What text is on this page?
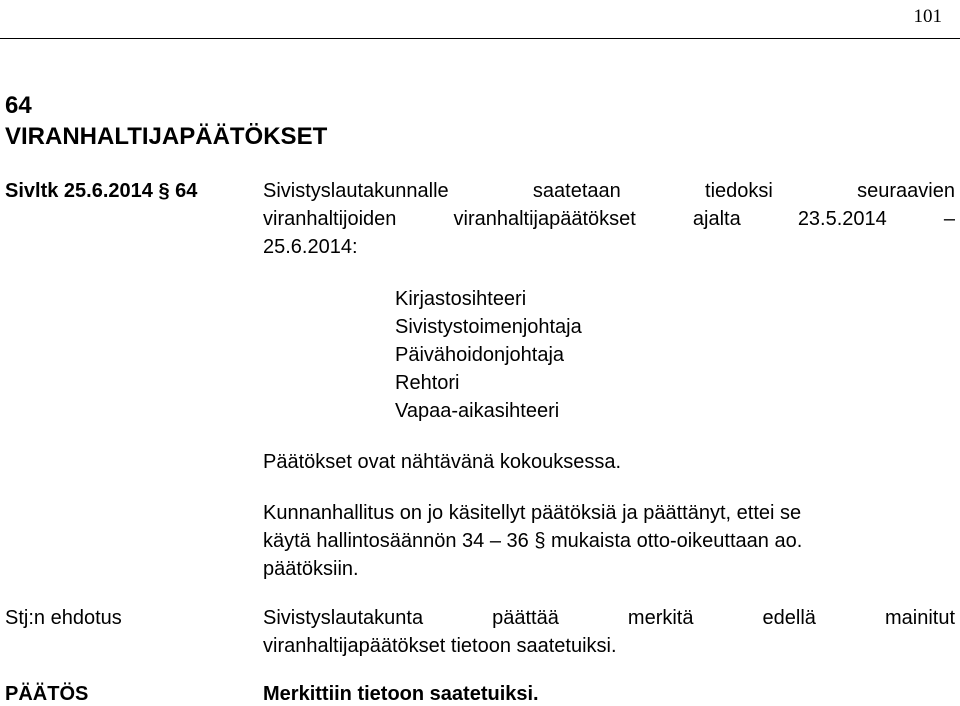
101
64
VIRANHALTIJAPÄÄTÖKSET
Sivltk 25.6.2014 § 64	Sivistyslautakunnalle	saatetaan	tiedoksi	seuraavien
viranhaltijoiden	viranhaltijapäätökset	ajalta	23.5.2014	–
25.6.2014:
Kirjastosihteeri
Sivistystoimenjohtaja
Päivähoidonjohtaja
Rehtori
Vapaa-aikasihteeri
Päätökset ovat nähtävänä kokouksessa.
Kunnanhallitus on jo käsitellyt päätöksiä ja päättänyt, ettei se
käytä hallintosäännön 34 – 36 § mukaista otto-oikeuttaan ao.
päätöksiin.
Stj:n ehdotus	Sivistyslautakunta	päättää	merkitä	edellä	mainitut
viranhaltijapäätökset tietoon saatetuiksi.
PÄÄTÖS	Merkittiin tietoon saatetuiksi.
